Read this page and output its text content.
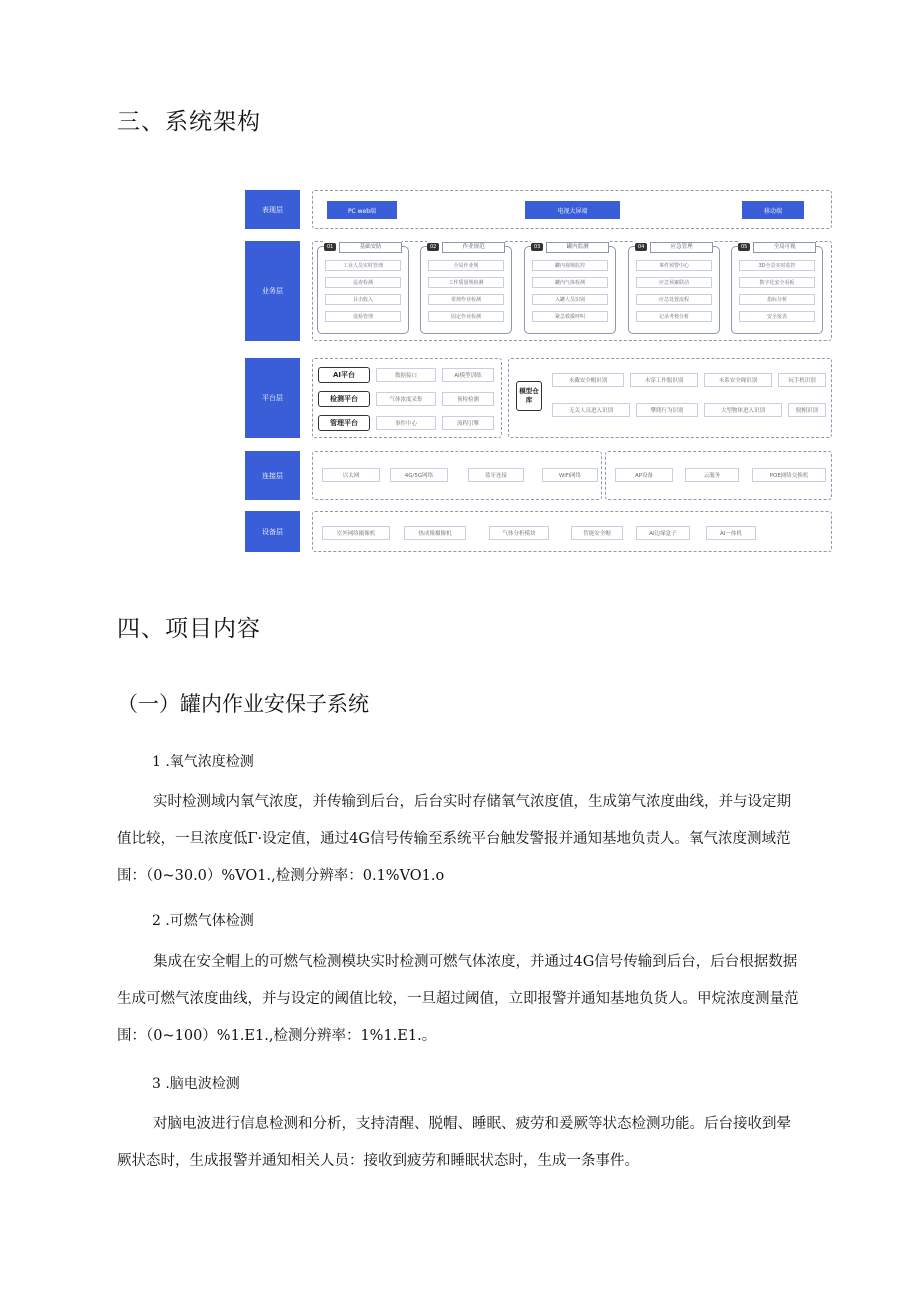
三、系统架构
表现层
业务层
平台层
连接层
设备层
PC web端	电视大屏端	移动端
01	基础安防
工业人员实时管理
巡查检测
目击收入
设检管理
02	作业规范
全局作业规
工作质量规检测
常规作业检测
固定作业检测
03	罐内监测
罐内视频监控
罐内气体检测
入罐人员识别
紧急救援呼叫
04	应急管理
事件预警中心
应急预案联动
应急处置流程
记录考核分析
05	全局可视
3D全景实时监控
数字化安全看板
指标分析
安全报表
AI平台
检测平台
管理平台
数据接口	AI模型训练
气体浓度采集	预检检测
事件中心	流程引擎
模型仓库
未戴安全帽识别	未穿工作服识别	未系安全绳识别	玩手机识别
无关人员进入识别	攀爬行为识别	大型物体进入识别	脱帽识别
以太网	4G/5G网络	蓝牙连接	WiFi网络	AP设备	云服务	POE网络交换机
室外网络摄像机	热成像摄像机	气体分析模块	智能安全帽	AI边缘盒子	AI一体机
四、项目内容
（一）罐内作业安保子系统
1 .氧气浓度检测
实时检测域内氧气浓度，并传输到后台，后台实时存储氧气浓度值，生成第气浓度曲线，并与设定期
值比较，一旦浓度低Γ·设定值，通过4G信号传输至系统平台触发警报并通知基地负责人。氧气浓度测域范
围：（0~30.0）%VO1.,检测分辨率：0.1%VO1.o
2 .可燃气体检测
集成在安全帽上的可燃气检测模块实时检测可燃气体浓度，并通过4G信号传输到后台，后台根据数据
生成可燃气浓度曲线，并与设定的阈值比较，一旦超过阈值，立即报警并通知基地负货人。甲烷浓度测量范
围：（0~100）%1.E1.,检测分辨率：1%1.E1.。
3 .脑电波检测
对脑电波进行信息检测和分析，支持清醒、脱帽、睡眠、疲劳和爰厥等状态检测功能。后台接收到晕
厥状态时，生成报警并通知相关人员：接收到疲劳和睡眠状态时，生成一条事件。
